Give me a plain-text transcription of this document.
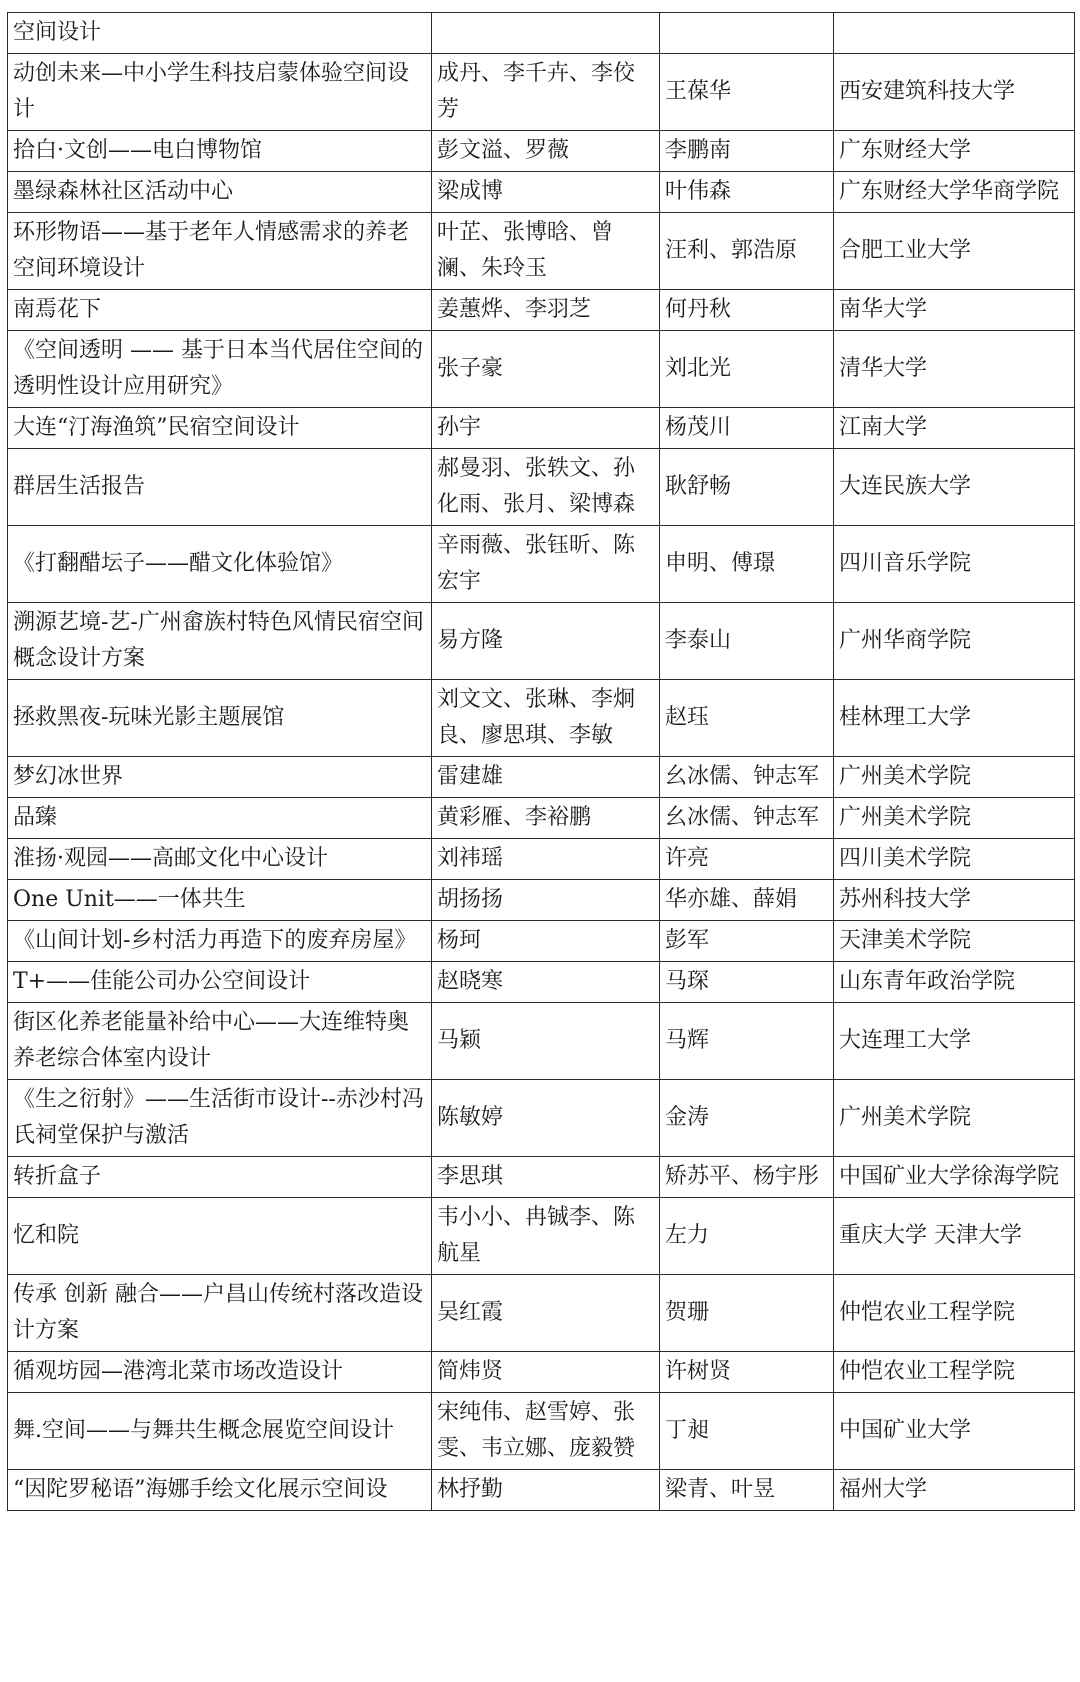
空间设计			
动创未来—中小学生科技启蒙体验空间设计	成丹、李千卉、李佼芳	王葆华	西安建筑科技大学
拾白·文创——电白博物馆	彭文溢、罗薇	李鹏南	广东财经大学
墨绿森林社区活动中心	梁成博	叶伟森	广东财经大学华商学院
环形物语——基于老年人情感需求的养老空间环境设计	叶芷、张博晗、曾澜、朱玲玉	汪利、郭浩原	合肥工业大学
南焉花下	姜蕙烨、李羽芝	何丹秋	南华大学
《空间透明 —— 基于日本当代居住空间的透明性设计应用研究》	张子豪	刘北光	清华大学
大连“汀海渔筑”民宿空间设计	孙宇	杨茂川	江南大学
群居生活报告	郝曼羽、张轶文、孙化雨、张月、梁博森	耿舒畅	大连民族大学
《打翻醋坛子——醋文化体验馆》	辛雨薇、张钰昕、陈宏宇	申明、傅璟	四川音乐学院
溯源艺境-艺-广州畲族村特色风情民宿空间概念设计方案	易方隆	李泰山	广州华商学院
拯救黑夜-玩味光影主题展馆	刘文文、张琳、李炯良、廖思琪、李敏	赵珏	桂林理工大学
梦幻冰世界	雷建雄	幺冰儒、钟志军	广州美术学院
品臻	黄彩雁、李裕鹏	幺冰儒、钟志军	广州美术学院
淮扬·观园——高邮文化中心设计	刘祎瑶	许亮	四川美术学院
One Unit——一体共生	胡扬扬	华亦雄、薛娟	苏州科技大学
《山间计划-乡村活力再造下的废弃房屋》	杨珂	彭军	天津美术学院
T+——佳能公司办公空间设计	赵晓寒	马琛	山东青年政治学院
街区化养老能量补给中心——大连维特奥养老综合体室内设计	马颖	马辉	大连理工大学
《生之衍射》——生活街市设计--赤沙村冯氏祠堂保护与激活	陈敏婷	金涛	广州美术学院
转折盒子	李思琪	矫苏平、杨宇彤	中国矿业大学徐海学院
忆和院	韦小小、冉铖李、陈航星	左力	重庆大学 天津大学
传承 创新 融合——户昌山传统村落改造设计方案	吴红霞	贺珊	仲恺农业工程学院
循观坊园—港湾北菜市场改造设计	简炜贤	许树贤	仲恺农业工程学院
舞.空间——与舞共生概念展览空间设计	宋纯伟、赵雪婷、张雯、韦立娜、庞毅赞	丁昶	中国矿业大学
“因陀罗秘语”海娜手绘文化展示空间设	林抒勤	梁青、叶昱	福州大学
